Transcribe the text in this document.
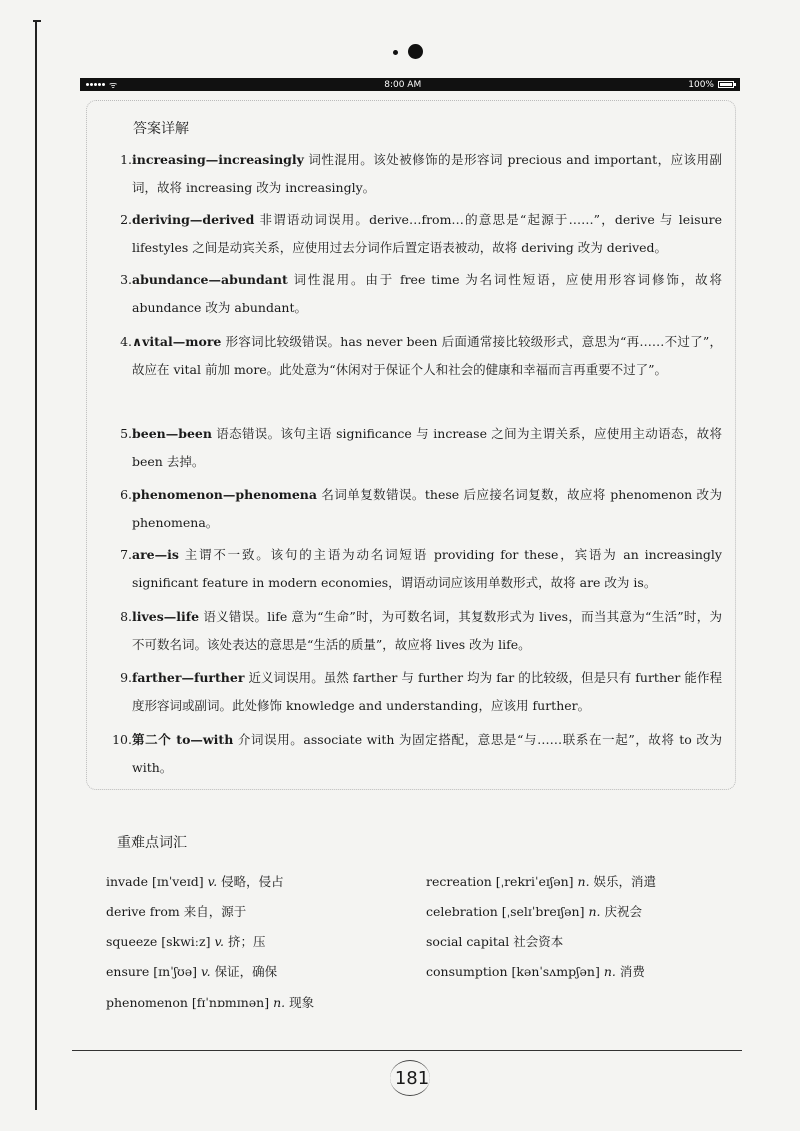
ᯤ	8:00 AM	100%
答案详解
1. increasing—increasingly 词性混用。该处被修饰的是形容词 precious and important，应该用副词，故将 increasing 改为 increasingly。
2. deriving—derived 非谓语动词误用。derive…from…的意思是“起源于……”，derive 与 leisure lifestyles 之间是动宾关系，应使用过去分词作后置定语表被动，故将 deriving 改为 derived。
3. abundance—abundant 词性混用。由于 free time 为名词性短语，应使用形容词修饰，故将 abundance 改为 abundant。
4. ∧vital—more 形容词比较级错误。has never been 后面通常接比较级形式，意思为“再……不过了”，故应在 vital 前加 more。此处意为“休闲对于保证个人和社会的健康和幸福而言再重要不过了”。
5. been—been 语态错误。该句主语 significance 与 increase 之间为主谓关系，应使用主动语态，故将 been 去掉。
6. phenomenon—phenomena 名词单复数错误。these 后应接名词复数，故应将 phenomenon 改为 phenomena。
7. are—is 主谓不一致。该句的主语为动名词短语 providing for these，宾语为 an increasingly significant feature in modern economies，谓语动词应该用单数形式，故将 are 改为 is。
8. lives—life 语义错误。life 意为“生命”时，为可数名词，其复数形式为 lives，而当其意为“生活”时，为不可数名词。该处表达的意思是“生活的质量”，故应将 lives 改为 life。
9. farther—further 近义词误用。虽然 farther 与 further 均为 far 的比较级，但是只有 further 能作程度形容词或副词。此处修饰 knowledge and understanding，应该用 further。
10. 第二个 to—with 介词误用。associate with 为固定搭配，意思是“与……联系在一起”，故将 to 改为 with。
重难点词汇
invade [ɪnˈveɪd] v. 侵略，侵占
derive from 来自，源于
squeeze [skwiːz] v. 挤；压
ensure [ɪnˈʃʊə] v. 保证，确保
phenomenon [fɪˈnɒmɪnən] n. 现象
recreation [ˌrekriˈeɪʃən] n. 娱乐，消遣
celebration [ˌselɪˈbreɪʃən] n. 庆祝会
social capital 社会资本
consumption [kənˈsʌmpʃən] n. 消费
181
